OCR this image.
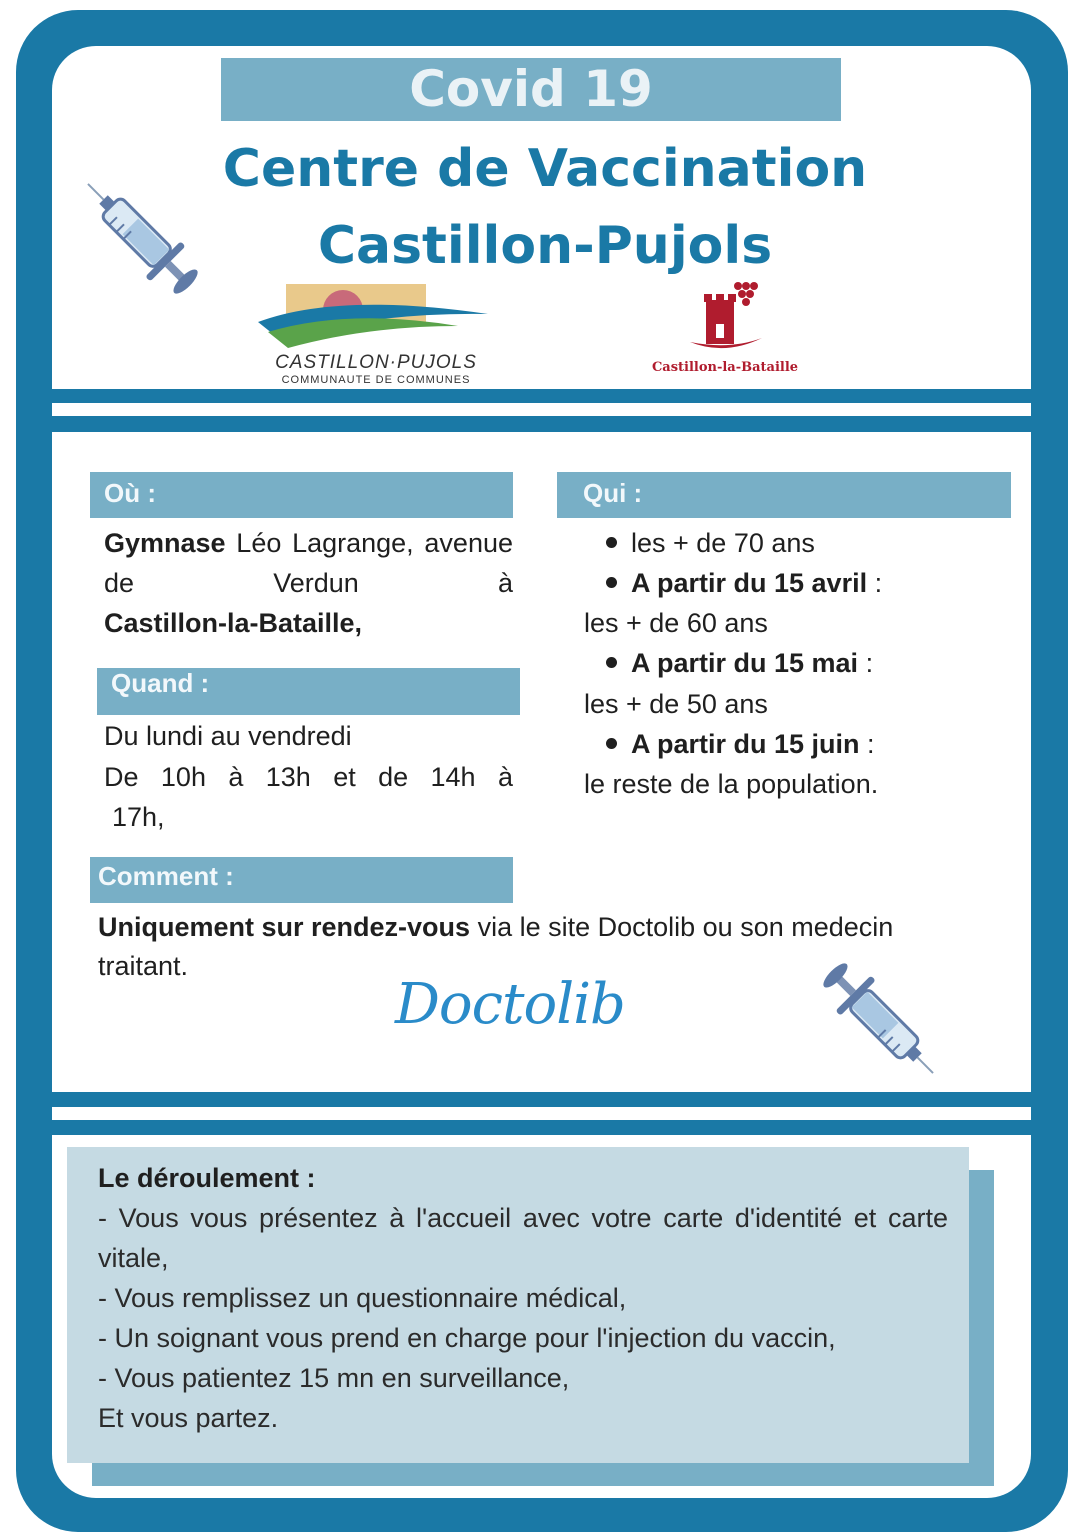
Covid 19
Centre de Vaccination
Castillon-Pujols
CASTILLON·PUJOLS
COMMUNAUTE DE COMMUNES
Castillon-la-Bataille
Où :
Gymnase Léo Lagrange, avenue de Verdun à
Castillon-la-Bataille,
Quand :
Du lundi au vendredi
De 10h à 13h et de 14h à
17h,
Qui :
les + de 70 ans
A partir du 15 avril :
les + de 60 ans
A partir du 15 mai :
les + de 50 ans
A partir du 15 juin :
le reste de la population.
Comment :
Uniquement sur rendez-vous via le site Doctolib ou son medecin traitant.
Doctolib
Le déroulement :
- Vous vous présentez à l'accueil avec votre carte d'identité et carte vitale,
- Vous remplissez un questionnaire médical,
- Un soignant vous prend en charge pour l'injection du vaccin,
- Vous patientez 15 mn en surveillance,
Et vous partez.
